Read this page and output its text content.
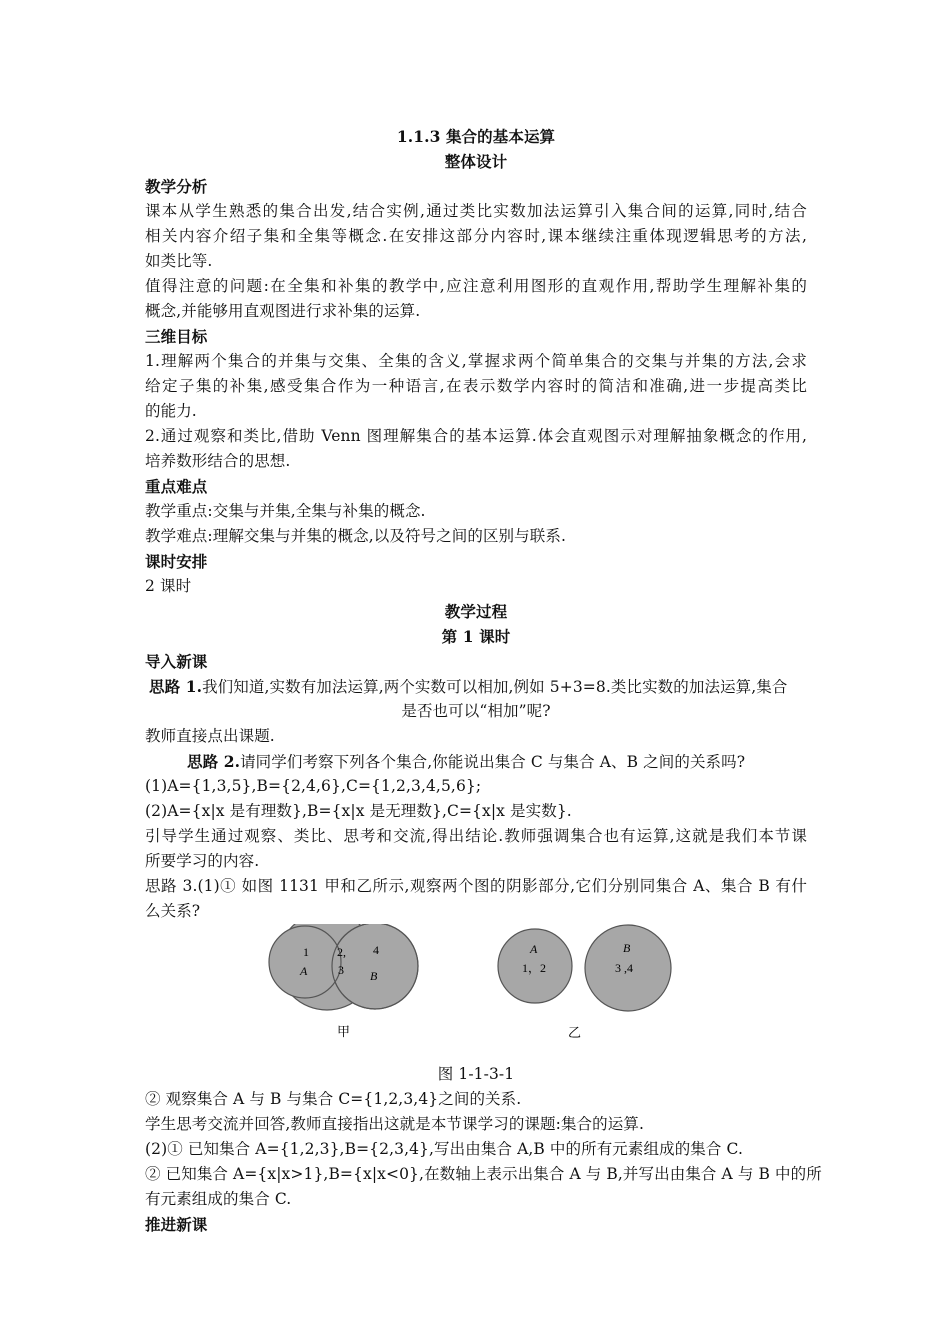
1.1.3 集合的基本运算
整体设计
教学分析
课本从学生熟悉的集合出发,结合实例,通过类比实数加法运算引入集合间的运算,同时,结合
相关内容介绍子集和全集等概念.在安排这部分内容时,课本继续注重体现逻辑思考的方法,
如类比等.
值得注意的问题:在全集和补集的教学中,应注意利用图形的直观作用,帮助学生理解补集的
概念,并能够用直观图进行求补集的运算.
三维目标
1.理解两个集合的并集与交集、全集的含义,掌握求两个简单集合的交集与并集的方法,会求
给定子集的补集,感受集合作为一种语言,在表示数学内容时的简洁和准确,进一步提高类比
的能力.
2.通过观察和类比,借助 Venn 图理解集合的基本运算.体会直观图示对理解抽象概念的作用,
培养数形结合的思想.
重点难点
教学重点:交集与并集,全集与补集的概念.
教学难点:理解交集与并集的概念,以及符号之间的区别与联系.
课时安排
2 课时
教学过程
第 1 课时
导入新课
思路 1.我们知道,实数有加法运算,两个实数可以相加,例如 5+3=8.类比实数的加法运算,集合
是否也可以“相加”呢?
教师直接点出课题.
思路 2.请同学们考察下列各个集合,你能说出集合 C 与集合 A、B 之间的关系吗?
(1)A={1,3,5},B={2,4,6},C={1,2,3,4,5,6};
(2)A={x|x 是有理数},B={x|x 是无理数},C={x|x 是实数}.
引导学生通过观察、类比、思考和交流,得出结论.教师强调集合也有运算,这就是我们本节课
所要学习的内容.
思路 3.(1)① 如图 1131 甲和乙所示,观察两个图的阴影部分,它们分别同集合 A、集合 B 有什
么关系?
1
A
2,
3
4
B
甲
A
1，2
B
3 ,4
乙
图 1-1-3-1
② 观察集合 A 与 B 与集合 C={1,2,3,4}之间的关系.
学生思考交流并回答,教师直接指出这就是本节课学习的课题:集合的运算.
(2)① 已知集合 A={1,2,3},B={2,3,4},写出由集合 A,B 中的所有元素组成的集合 C.
② 已知集合 A={x|x>1},B={x|x<0},在数轴上表示出集合 A 与 B,并写出由集合 A 与 B 中的所
有元素组成的集合 C.
推进新课
